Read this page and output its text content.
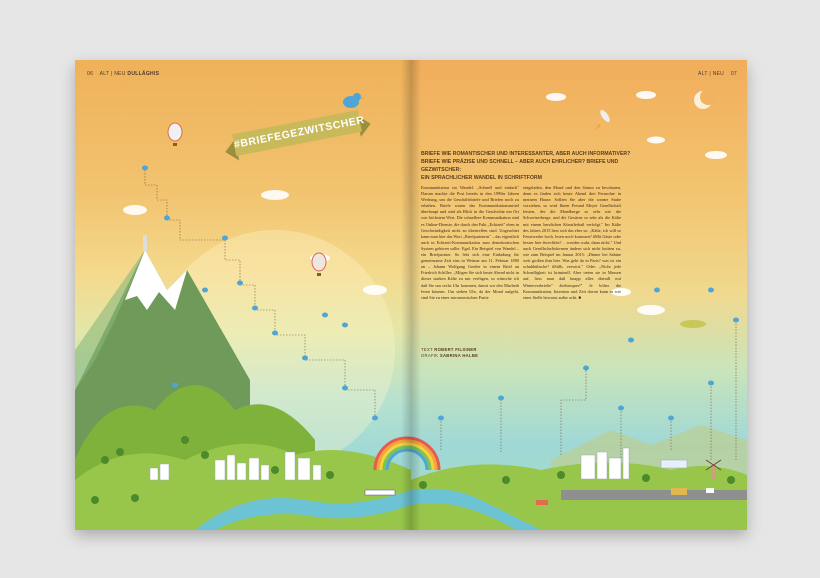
06 ALT | NEU DULLÄGHIS
#BRIEFEGEZWITSCHER
ALT | NEU 07
BRIEFE WIE ROMANTISCHER UND INTERESSANTER, ABER AUCH INFORMATIVER?
BRIEFE WIE PRÄZISE UND SCHNELL – ABER AUCH EHRLICHER? BRIEFE UND GEZWITSCHER:
EIN SPRACHLICHER WANDEL IN SCHRIFTFORM
Kommunikation im Wandel: „Schnell und einfach" Darum machte die Post bereits in den 1990er Jahren Werbung, um die Geschäftsbriefe und Briefen noch zu erhalten. Briefe waren das Kommunikationsmittel überhaupt und sind als Blick in die Geschichte ein Ort von höchstem Wert. Die schnellere Kommunikation sind es Online-Dienste, die durch den Fakt „Echtzeit" eben in Geschwindigkeit nicht zu übertreffen sind. Ungeachtet kann man hier das Wort „Briefpartnerin" – das eigentlich auch in Echtzeit-Kommunikation zum demokratischen System gehören sollte. Egal. Ein Beispiel von Wandel – ein Briefpartner. So lebt sich eine Einladung für gemeinsame Zeit eins in Weimar am 11. Februar 1800 an – Johann Wolfgang Goethe in einem Brief an Friedrich Schiller: „Mögen Sie sich heute Abend nicht in dieser starken Kälte zu mir verfügen, so wünsche ich daß Sie um sechs Uhr kommen, damit wir den Macbeth lesen können. Um sieben Uhr, da der Mond aufgeht, sind Sie zu einer astronomischen Partie
eingeladen, den Mond und den Saturn zu beschauen, denn es finden sich heute Abend drei Fernrohre in meinem Hause. Sollten Sie aber die warme Stube vorziehen, so wird Ihnen Freund Meyer Gesellschaft leisten, der die Mondberge so sehr wie die Schweizerberge, und die Gestirne so sehr als die Kälte mit einem herzlichen Künstlerhaß verfolgt." Im Kälte des Jahres 2015 liest sich das eher so: „Kälte, ich will so Feuerwerke hoch, lesen noch kommen? #Mit Gäste oder besser hier #wechfen? …werden wahr, dann nicht." Und auch Gesellschaftsformen ändern sich nicht knitten zu, wie zum Beispiel im Januar 2015: „Dinner bei Sabine weit großen ihm hier. Was geht da in Paris? was ist ein schuhhübsche? #Stilb, verwirrt." Oder: „Nicht jede Schnelligkeit ist kriminell. Aber treten sie in Massen auf, liest man daß knapp alles überall mit Winterverbriebe" #seltenquer!" Je höher die Kommunikation, Intention und Zeit davon kann es wie einer Stelle bewusst außer acht. ■
TEXT ROBERT FILSINER
GRAFIK SABRINA HALBE
